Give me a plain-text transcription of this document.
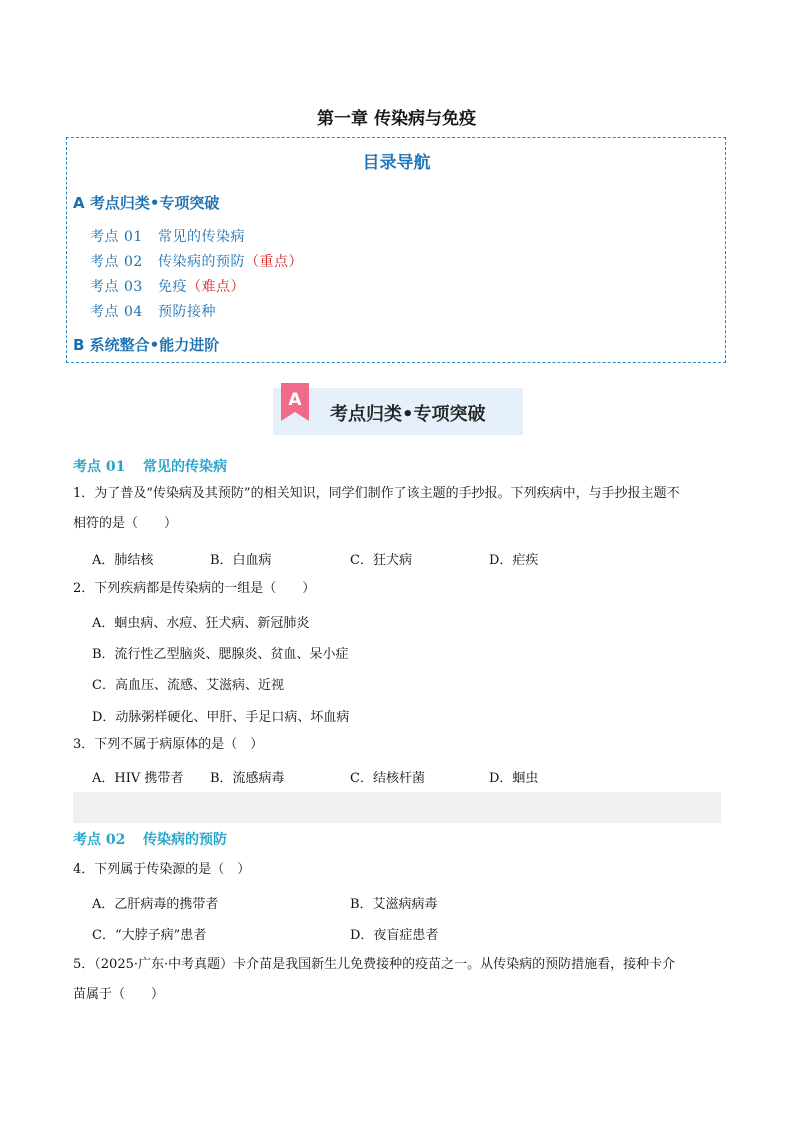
第一章 传染病与免疫
目录导航
A 考点归类•专项突破
考点 01 常见的传染病
考点 02 传染病的预防（重点）
考点 03 免疫（难点）
考点 04 预防接种
B 系统整合•能力进阶
A
考点归类•专项突破
考点 01 常见的传染病
1．为了普及“传染病及其预防”的相关知识，同学们制作了该主题的手抄报。下列疾病中，与手抄报主题不
相符的是（　　）
A．肺结核	B．白血病	C．狂犬病	D．疟疾
2．下列疾病都是传染病的一组是（　　）
A．蛔虫病、水痘、狂犬病、新冠肺炎
B．流行性乙型脑炎、腮腺炎、贫血、呆小症
C．高血压、流感、艾滋病、近视
D．动脉粥样硬化、甲肝、手足口病、坏血病
3．下列不属于病原体的是（　）
A．HIV 携带者 B．流感病毒	C．结核杆菌	D．蛔虫
考点 02 传染病的预防
4．下列属于传染源的是（　）
A．乙肝病毒的携带者	B．艾滋病病毒
C．“大脖子病”患者	D．夜盲症患者
5．（2025·广东·中考真题）卡介苗是我国新生儿免费接种的疫苗之一。从传染病的预防措施看，接种卡介
苗属于（　　）
